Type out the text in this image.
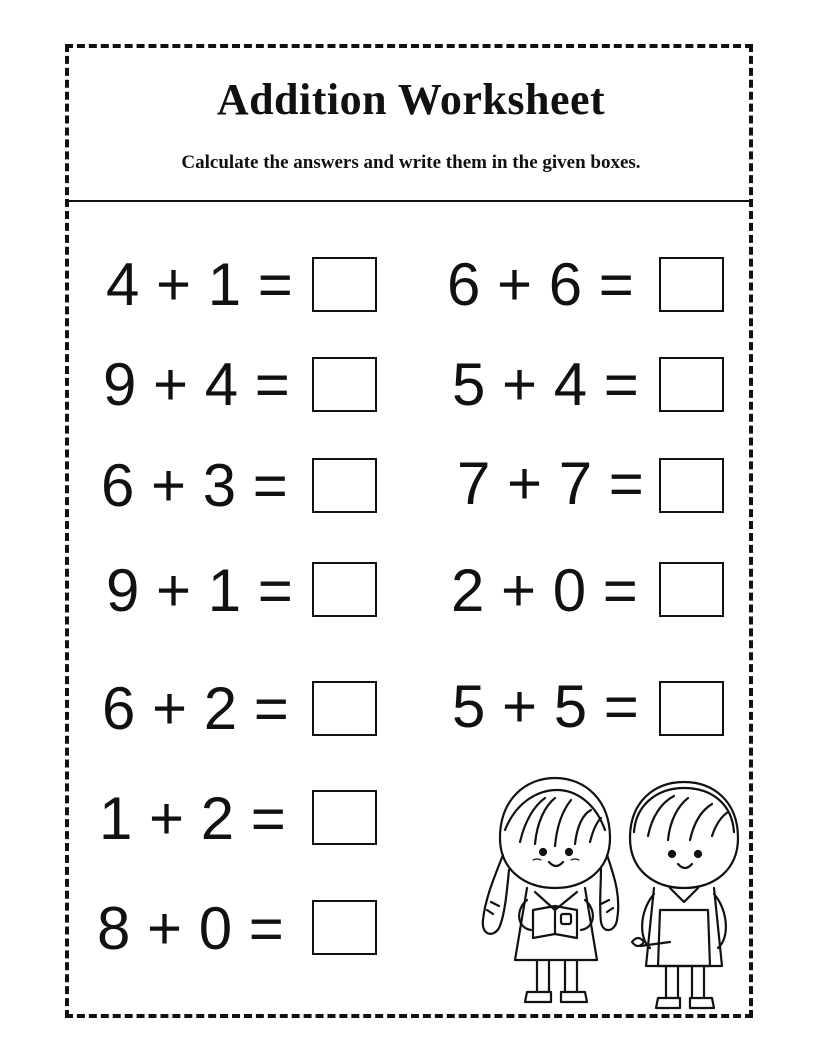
Addition Worksheet
Calculate the answers and write them in the given boxes.
4 + 1 =
9 + 4 =
6 + 3 =
9 + 1 =
6 + 2 =
1 + 2 =
8 + 0 =
6 + 6 =
5 + 4 =
7 + 7 =
2 + 0 =
5 + 5 =
